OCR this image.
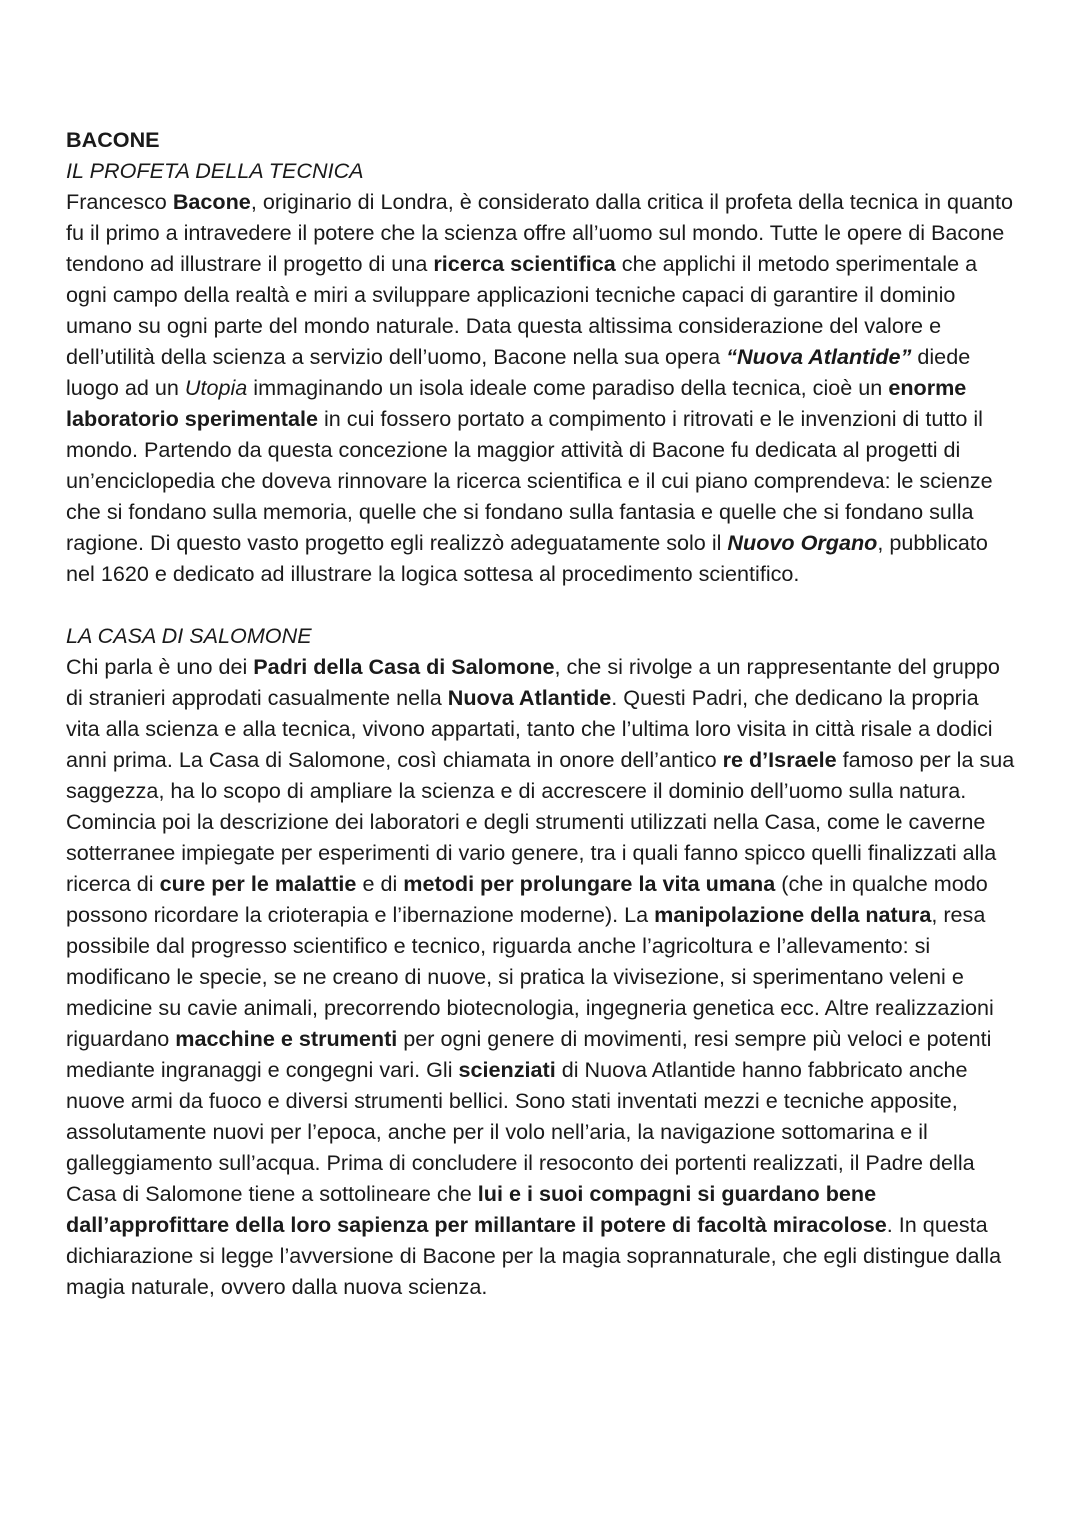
BACONE
IL PROFETA DELLA TECNICA

Francesco Bacone, originario di Londra, è considerato dalla critica il profeta della tecnica in quanto fu il primo a intravedere il potere che la scienza offre all’uomo sul mondo. Tutte le opere di Bacone tendono ad illustrare il progetto di una ricerca scientifica che applichi il metodo sperimentale a ogni campo della realtà e miri a sviluppare applicazioni tecniche capaci di garantire il dominio umano su ogni parte del mondo naturale. Data questa altissima considerazione del valore e dell’utilità della scienza a servizio dell’uomo, Bacone nella sua opera “Nuova Atlantide” diede luogo ad un Utopia immaginando un isola ideale come paradiso della tecnica, cioè un enorme laboratorio sperimentale in cui fossero portato a compimento i ritrovati e le invenzioni di tutto il mondo. Partendo da questa concezione la maggior attività di Bacone fu dedicata al progetti di un’enciclopedia che doveva rinnovare la ricerca scientifica e il cui piano comprendeva: le scienze che si fondano sulla memoria, quelle che si fondano sulla fantasia e quelle che si fondano sulla ragione. Di questo vasto progetto egli realizzò adeguatamente solo il Nuovo Organo, pubblicato nel 1620 e dedicato ad illustrare la logica sottesa al procedimento scientifico.

LA CASA DI SALOMONE

Chi parla è uno dei Padri della Casa di Salomone, che si rivolge a un rappresentante del gruppo di stranieri approdati casualmente nella Nuova Atlantide. Questi Padri, che dedicano la propria vita alla scienza e alla tecnica, vivono appartati, tanto che l’ultima loro visita in città risale a dodici anni prima. La Casa di Salomone, così chiamata in onore dell’antico re d’Israele famoso per la sua saggezza, ha lo scopo di ampliare la scienza e di accrescere il dominio dell’uomo sulla natura. Comincia poi la descrizione dei laboratori e degli strumenti utilizzati nella Casa, come le caverne sotterranee impiegate per esperimenti di vario genere, tra i quali fanno spicco quelli finalizzati alla ricerca di cure per le malattie e di metodi per prolungare la vita umana (che in qualche modo possono ricordare la crioterapia e l’ibernazione moderne). La manipolazione della natura, resa possibile dal progresso scientifico e tecnico, riguarda anche l’agricoltura e l’allevamento: si modificano le specie, se ne creano di nuove, si pratica la vivisezione, si sperimentano veleni e medicine su cavie animali, precorrendo biotecnologia, ingegneria genetica ecc. Altre realizzazioni riguardano macchine e strumenti per ogni genere di movimenti, resi sempre più veloci e potenti mediante ingranaggi e congegni vari. Gli scienziati di Nuova Atlantide hanno fabbricato anche nuove armi da fuoco e diversi strumenti bellici. Sono stati inventati mezzi e tecniche apposite, assolutamente nuovi per l’epoca, anche per il volo nell’aria, la navigazione sottomarina e il galleggiamento sull’acqua. Prima di concludere il resoconto dei portenti realizzati, il Padre della Casa di Salomone tiene a sottolineare che lui e i suoi compagni si guardano bene dall’approfittare della loro sapienza per millantare il potere di facoltà miracolose. In questa dichiarazione si legge l’avversione di Bacone per la magia soprannaturale, che egli distingue dalla magia naturale, ovvero dalla nuova scienza.
